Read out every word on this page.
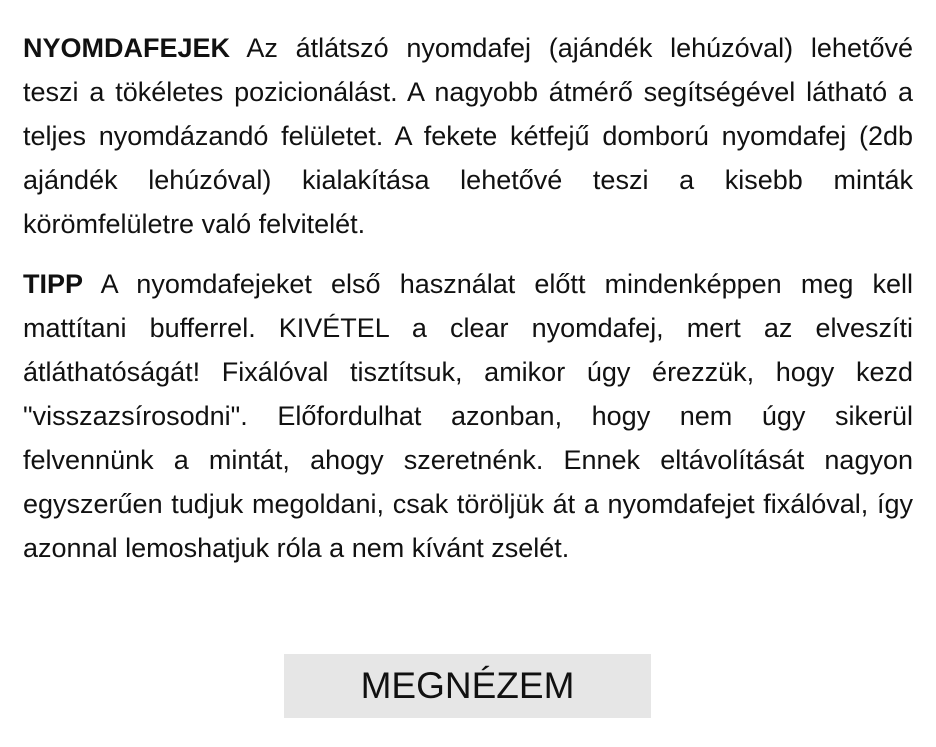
NYOMDAFEJEK Az átlátszó nyomdafej (ajándék lehúzóval) lehetővé teszi a tökéletes pozicionálást. A nagyobb átmérő segítségével látható a teljes nyomdázandó felületet. A fekete kétfejű domború nyomdafej (2db ajándék lehúzóval) kialakítása lehetővé teszi a kisebb minták körömfelületre való felvitelét.

TIPP A nyomdafejeket első használat előtt mindenképpen meg kell mattítani bufferrel. KIVÉTEL a clear nyomdafej, mert az elveszíti átláthatóságát! Fixálóval tisztítsuk, amikor úgy érezzük, hogy kezd "visszazsírosodni". Előfordulhat azonban, hogy nem úgy sikerül felvennünk a mintát, ahogy szeretnénk. Ennek eltávolítását nagyon egyszerűen tudjuk megoldani, csak töröljük át a nyomdafejet fixálóval, így azonnal lemoshatjuk róla a nem kívánt zselét.

MEGNÉZEM
